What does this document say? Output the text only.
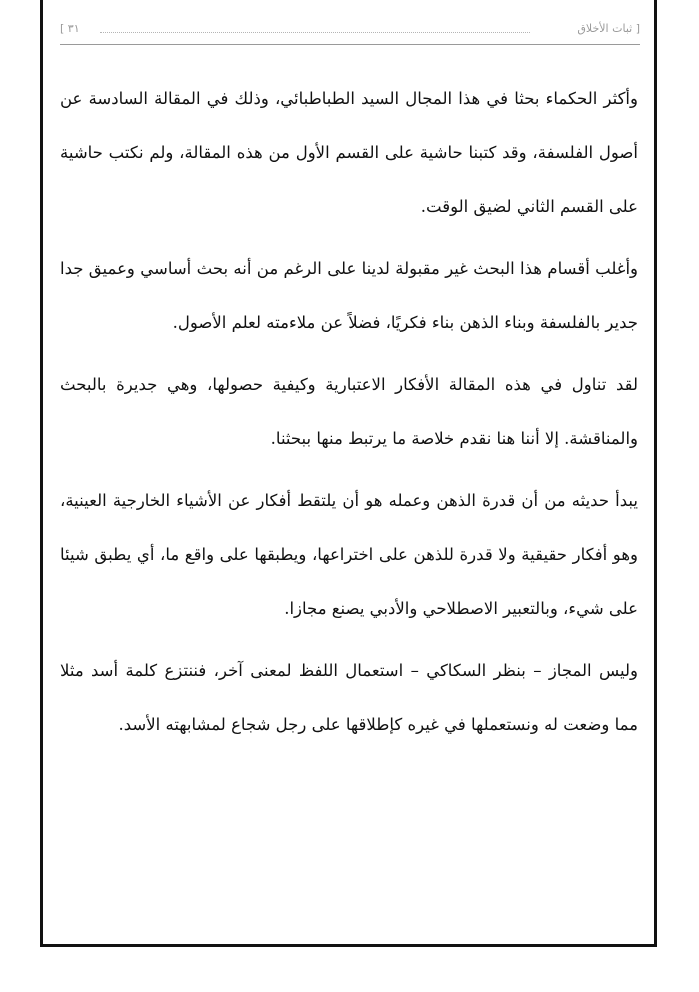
[ ثبات الأخلاق
٣١ ]

وأكثر الحكماء بحثا في هذا المجال السيد الطباطبائي، وذلك في المقالة السادسة عن أصول الفلسفة، وقد كتبنا حاشية على القسم الأول من هذه المقالة، ولم نكتب حاشية على القسم الثاني لضيق الوقت.

وأغلب أقسام هذا البحث غير مقبولة لدينا على الرغم من أنه بحث أساسي وعميق جدا جدير بالفلسفة وبناء الذهن بناء فكريًا، فضلاً عن ملاءمته لعلم الأصول.

لقد تناول في هذه المقالة الأفكار الاعتبارية وكيفية حصولها، وهي جديرة بالبحث والمناقشة. إلا أننا هنا نقدم خلاصة ما يرتبط منها ببحثنا.

يبدأ حديثه من أن قدرة الذهن وعمله هو أن يلتقط أفكار عن الأشياء الخارجية العينية، وهو أفكار حقيقية ولا قدرة للذهن على اختراعها، ويطبقها على واقع ما، أي يطبق شيئا على شيء، وبالتعبير الاصطلاحي والأدبي يصنع مجازا.

وليس المجاز – بنظر السكاكي – استعمال اللفظ لمعنى آخر، فننتزع كلمة أسد مثلا مما وضعت له ونستعملها في غيره كإطلاقها على رجل شجاع لمشابهته الأسد.
